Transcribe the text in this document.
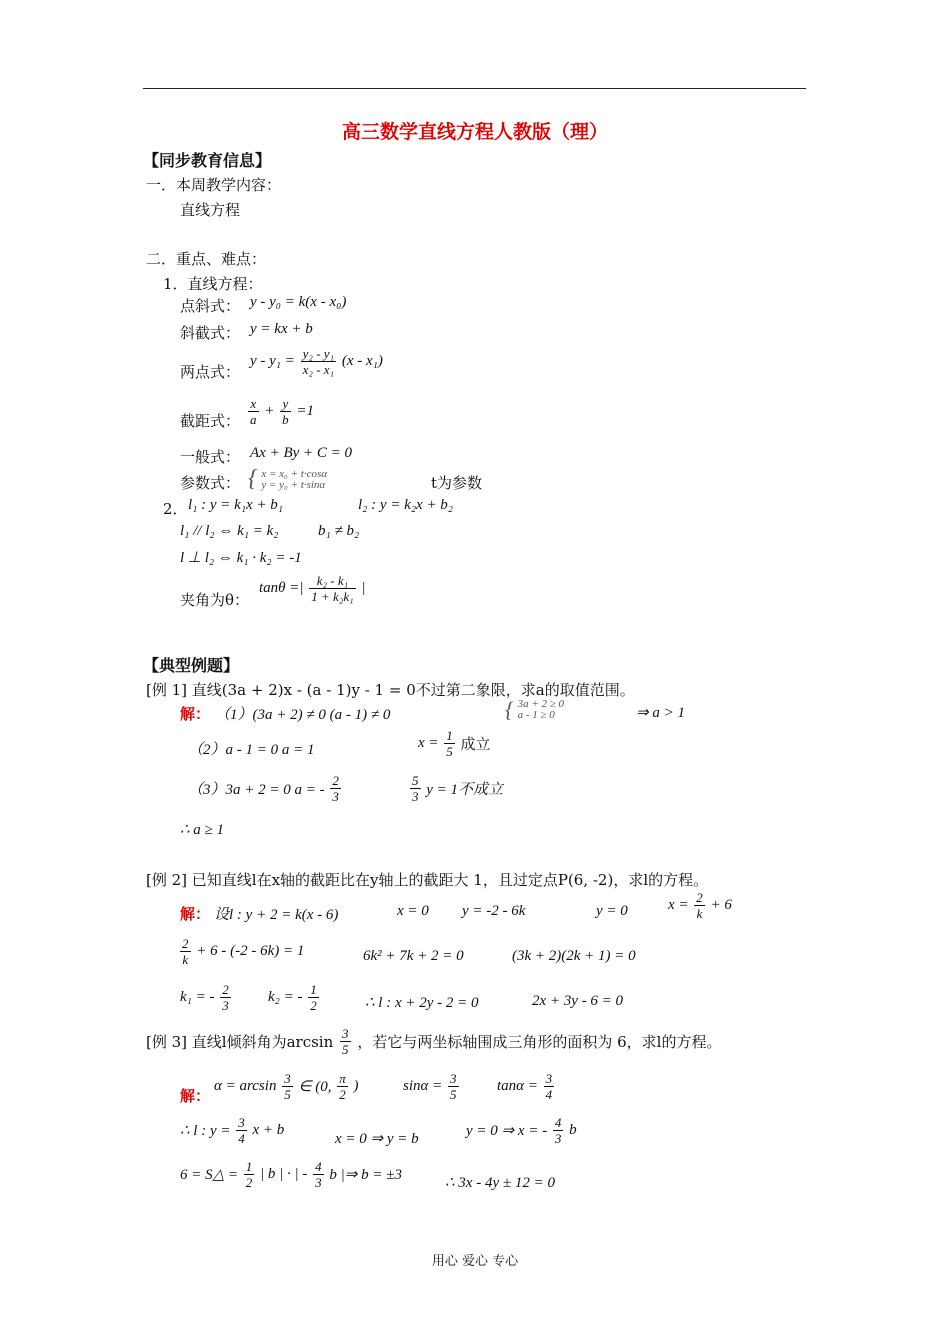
高三数学直线方程人教版（理）
【同步教育信息】
一．本周教学内容：
直线方程
二．重点、难点：
1．直线方程：
点斜式： y - y₀ = k(x - x₀)
斜截式： y = kx + b
两点式：
$y - y_1 = \frac{\text{y₂ - y₁}}{\text{x₂ - x₁}} (x - x_1)$
截距式： $\frac{x}{a} + \frac{y}{b} =1$
一般式： Ax + By + C = 0
参数式： { x = x₀ + t·cosα
y = y₀ + t·sinα	t为参数
2． l₁ : y = k₁x + b₁	l₂ : y = k₂x + b₂
l₁ // l₂ ⇔ k₁ = k₂	b₁ ≠ b₂
l ⊥ l₂ ⇔ k₁ · k₂ = -1
夹角为θ：
tanθ =| $\frac{\text{k₂ - k₁}}{\text{1 + k₂k₁}}$ |
【典型例题】
[例 1] 直线(3a + 2)x - (a - 1)y - 1 = 0不过第二象限，求a的取值范围。
解： （1）(3a + 2) ≠ 0 (a - 1) ≠ 0	{ 3a + 2 ≥ 0
a - 1 ≥ 0	⇒ a > 1
（2）a - 1 = 0 a = 1	$x = \frac{1}{5}$ 成立
（3）3a + 2 = 0 a = - $\frac{2}{3}$	$\frac{5}{3}$ y = 1不成立
∴ a ≥ 1
[例 2] 已知直线l在x轴的截距比在y轴上的截距大 1，且过定点P(6, -2)，求l的方程。
解： 设l : y + 2 = k(x - 6)	x = 0 y = -2 - 6k	y = 0	$x = \frac{2}{k} + 6$
$\frac{2}{k} + 6 - (-2 - 6k) = 1$	6k² + 7k + 2 = 0	(3k + 2)(2k + 1) = 0
k₁ = - $\frac{2}{3} k_2$ = - $\frac{1}{2}$	∴ l : x + 2y - 2 = 0	2x + 3y - 6 = 0
[例 3] 直线l倾斜角为$\arcsin \frac{3}{5}$ ，若它与两坐标轴围成三角形的面积为 6，求l的方程。
解：
$\alpha = \arcsin \frac{3}{5}$ ∈ (0, $\frac{\pi}{2}$ )	$\sin\alpha = \frac{3}{5}$	$\tan\alpha = \frac{3}{4}$
∴ l : $y = \frac{3}{4}$ x + b
x = 0 ⇒ y = b	y = 0 ⇒ x = - $\frac{4}{3}$ b
6 = S△ = $\frac{1}{2}$ | b | · | - $\frac{4}{3}$ b |⇒ b = ±3	∴ 3x - 4y ± 12 = 0
用心 爱心 专心
